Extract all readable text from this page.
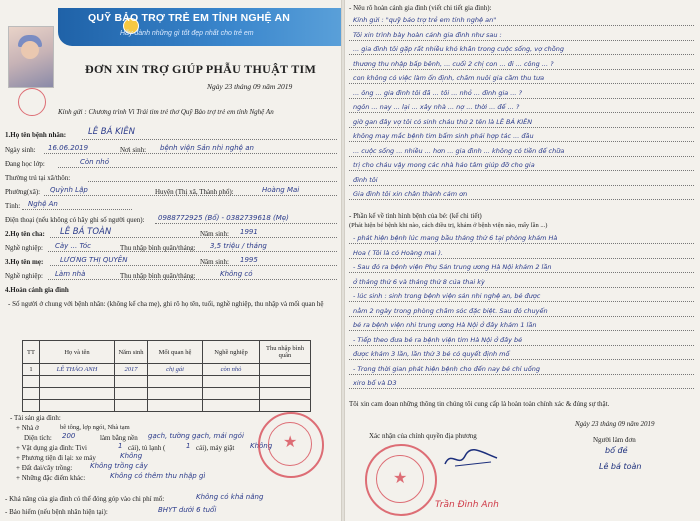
QUỸ BẢO TRỢ TRẺ EM TỈNH NGHỆ AN
Hãy dành những gì tốt đẹp nhất cho trẻ em
ĐƠN XIN TRỢ GIÚP PHẪU THUẬT TIM
Ngày 23 tháng 09 năm 2019
Kính gửi : Chương trình Vì Trái tim trẻ thơ Quỹ Bảo trợ trẻ em tỉnh Nghệ An
1.Họ tên bệnh nhân:	LÊ BÁ KIÊN
Ngày sinh: 16.06.2019	Nơi sinh: bệnh viện Sản nhi nghệ an
Đang học lớp:	Còn nhỏ
Thường trú tại xã/thôn:
Phường(xã): Quỳnh Lập	Huyện (Thị xã, Thành phố):	Hoàng Mai
Tỉnh: Nghệ An
Điện thoại (nếu không có hãy ghi số người quen): 0988772925 (Bố) - 0382739618 (Mẹ)
2.Họ tên cha: LÊ BÁ TOÀN	Năm sinh: 1991
Nghề nghiệp: Cày ... Tóc	Thu nhập bình quân/tháng: 3,5 triệu / tháng
3.Họ tên mẹ: LƯƠNG THỊ QUYÊN	Năm sinh: 1995
Nghề nghiệp: Làm nhà	Thu nhập bình quân/tháng:	Không có
4.Hoàn cảnh gia đình
- Số người ở chung với bệnh nhân: (không kể cha mẹ), ghi rõ họ tên, tuổi, nghề nghiệp, thu nhập và mối quan hệ
TT	Họ và tên	Năm sinh	Mối quan hệ	Nghề nghiệp	Thu nhập bình quân
1	LÊ THẢO ANH	2017	chị gái	còn nhỏ	

- Tài sản gia đình:
+ Nhà ở	bê tông, lợp ngói, Nhà tạm
Diện tích: 200	làm bằng nền gạch, tường gạch, mái ngói
+ Vật dụng gia đình: Tivi	1 cái), tủ lạnh (	1 cái), máy giặt Không
+ Phương tiện đi lại: xe máy	Không
+ Đất đai/cây trồng:	Không trồng cây
+ Những đặc điểm khác:	Không có thêm thu nhập gì
- Khả năng của gia đình có thể đóng góp vào chi phí mổ:	Không có khả năng
- Bảo hiểm (nếu bệnh nhân hiện tại):	BHYT dưới 6 tuổi
★
- Nêu rõ hoàn cảnh gia đình (viết chi tiết gia đình):
Kính gửi : "quỹ bảo trợ trẻ em tỉnh nghệ an"
Tôi xin trình bày hoàn cảnh gia đình như sau :
... gia đình tôi gặp rất nhiều khó khăn trong cuộc sống, vợ chồng
thương thu nhập bấp bênh, ... cuối 2 chị con ... đi ... công ... ?
con không có việc làm ổn định, chăm nuôi gia cầm thu tưa
... ông ... gia đình tôi đã ... tôi ... nhỏ ... đình gia ... ?
ngôn ... nay ... lại ... xây nhà ... nợ ... thời ... để ... ?
giờ gan đây vợ tôi có sinh cháu thứ 2 tên là LÊ BÁ KIÊN
không may mắc bệnh tim bẩm sinh phải hợp tác ... đầu
... cuộc sống ... nhiều ... hơn ... gia đình ... không có tiền để chữa
trị cho cháu vậy mong các nhà hảo tâm giúp đỡ cho gia
đình tôi
Gia đình tôi xin chân thành cảm ơn
- Phần kể về tình hình bệnh của bé: (kể chi tiết)
(Phát hiện bé bệnh khi nào, cách điều trị, khám ở bệnh viện nào, mấy lần ...)
- phát hiện bệnh lúc mang bầu tháng thứ 6 tại phòng khám Hà
Hoa ( Tôi là có Hoàng mai ).
- Sau đó ra bệnh viện Phụ Sản trung ương Hà Nội khám 2 lần
ở tháng thứ 6 và tháng thứ 8 của thai kỳ
- lúc sinh : sinh trong bệnh viện sản nhi nghệ an, bé được
nằm 2 ngày trong phòng chăm sóc đặc biệt. Sau đó chuyển
bé ra bệnh viện nhi trung ương Hà Nội ở đây khám 1 lần
- Tiếp theo đưa bé ra bệnh viện tim Hà Nội ở đây bé
được khám 3 lần, lần thứ 3 bé có quyết định mổ
- Trong thời gian phát hiện bệnh cho đến nay bé chỉ uống
xiro bổ và D3
Tôi xin cam đoan những thông tin chúng tôi cung cấp là hoàn toàn chính xác & đúng sự thật.
Ngày 23 tháng 09 năm 2019
Người làm đơn
bố đẻ
Lê bá toàn
Xác nhận của chính quyền địa phương
★
Trần Đình Anh
